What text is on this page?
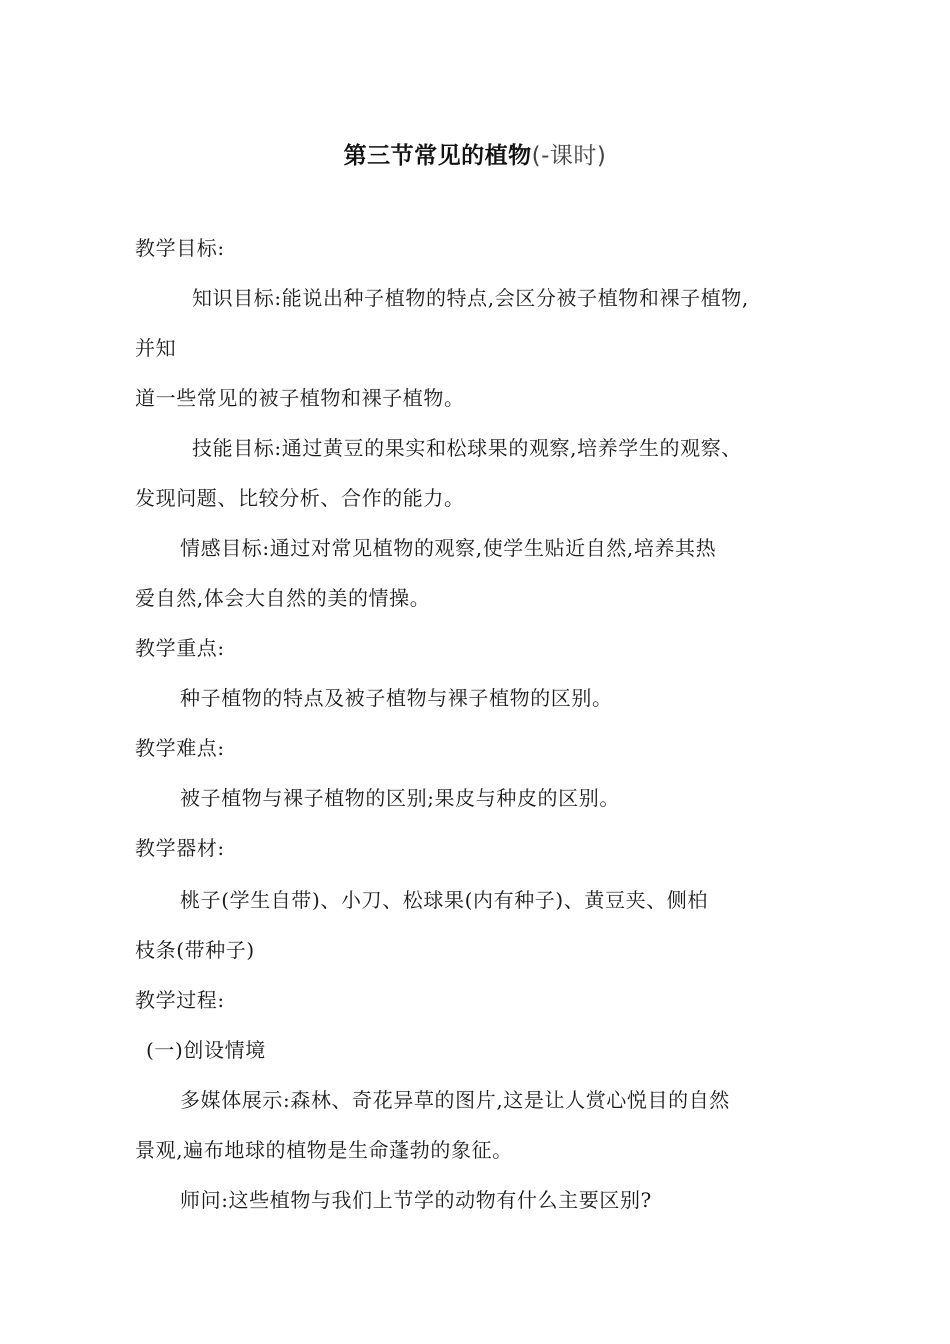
第三节常见的植物(-课时)
教学目标:
知识目标:能说出种子植物的特点,会区分被子植物和裸子植物,
并知
道一些常见的被子植物和裸子植物。
技能目标:通过黄豆的果实和松球果的观察,培养学生的观察、
发现问题、比较分析、合作的能力。
情感目标:通过对常见植物的观察,使学生贴近自然,培养其热
爱自然,体会大自然的美的情操。
教学重点:
种子植物的特点及被子植物与裸子植物的区别。
教学难点:
被子植物与裸子植物的区别;果皮与种皮的区别。
教学器材:
桃子(学生自带)、小刀、松球果(内有种子)、黄豆夹、侧柏
枝条(带种子)
教学过程:
(一)创设情境
多媒体展示:森林、奇花异草的图片,这是让人赏心悦目的自然
景观,遍布地球的植物是生命蓬勃的象征。
师问:这些植物与我们上节学的动物有什么主要区别?
